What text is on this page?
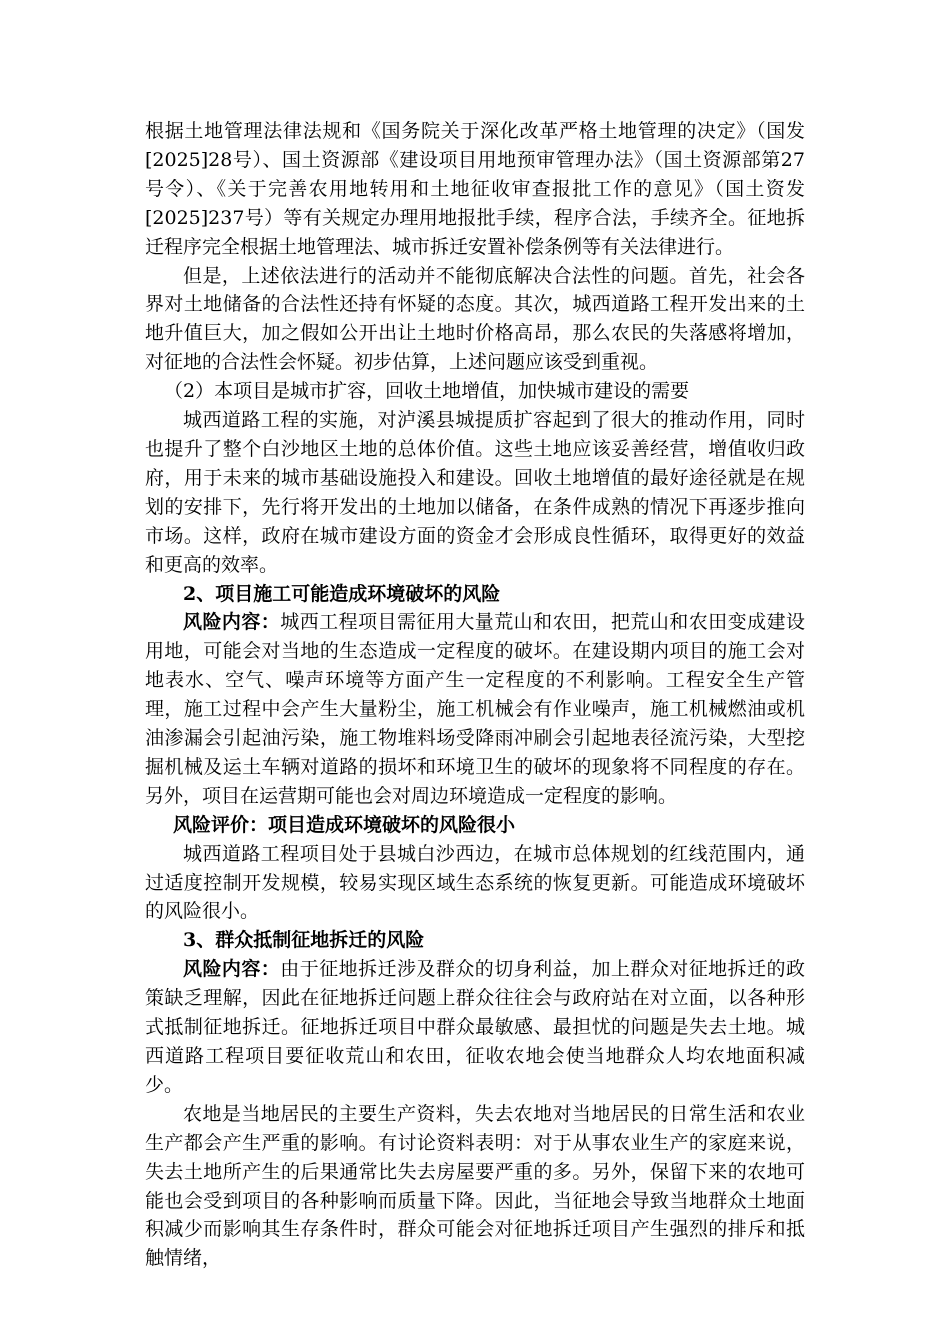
根据土地管理法律法规和《国务院关于深化改革严格土地管理的决定》（国发[2025]28号）、国土资源部《建设项目用地预审管理办法》（国土资源部第27号令）、《关于完善农用地转用和土地征收审查报批工作的意见》（国土资发[2025]237号）等有关规定办理用地报批手续，程序合法，手续齐全。征地拆迁程序完全根据土地管理法、城市拆迁安置补偿条例等有关法律进行。

但是，上述依法进行的活动并不能彻底解决合法性的问题。首先，社会各界对土地储备的合法性还持有怀疑的态度。其次，城西道路工程开发出来的土地升值巨大，加之假如公开出让土地时价格高昂，那么农民的失落感将增加，对征地的合法性会怀疑。初步估算，上述问题应该受到重视。

（2）本项目是城市扩容，回收土地增值，加快城市建设的需要

城西道路工程的实施，对泸溪县城提质扩容起到了很大的推动作用，同时也提升了整个白沙地区土地的总体价值。这些土地应该妥善经营，增值收归政府，用于未来的城市基础设施投入和建设。回收土地增值的最好途径就是在规划的安排下，先行将开发出的土地加以储备，在条件成熟的情况下再逐步推向市场。这样，政府在城市建设方面的资金才会形成良性循环，取得更好的效益和更高的效率。

2、项目施工可能造成环境破坏的风险

风险内容：城西工程项目需征用大量荒山和农田，把荒山和农田变成建设用地，可能会对当地的生态造成一定程度的破坏。在建设期内项目的施工会对地表水、空气、噪声环境等方面产生一定程度的不利影响。工程安全生产管理，施工过程中会产生大量粉尘，施工机械会有作业噪声，施工机械燃油或机油渗漏会引起油污染，施工物堆料场受降雨冲刷会引起地表径流污染，大型挖掘机械及运土车辆对道路的损坏和环境卫生的破坏的现象将不同程度的存在。另外，项目在运营期可能也会对周边环境造成一定程度的影响。

风险评价：项目造成环境破坏的风险很小

城西道路工程项目处于县城白沙西边，在城市总体规划的红线范围内，通过适度控制开发规模，较易实现区域生态系统的恢复更新。可能造成环境破坏的风险很小。

3、群众抵制征地拆迁的风险

风险内容：由于征地拆迁涉及群众的切身利益，加上群众对征地拆迁的政策缺乏理解，因此在征地拆迁问题上群众往往会与政府站在对立面，以各种形式抵制征地拆迁。征地拆迁项目中群众最敏感、最担忧的问题是失去土地。城西道路工程项目要征收荒山和农田，征收农地会使当地群众人均农地面积减少。

农地是当地居民的主要生产资料，失去农地对当地居民的日常生活和农业生产都会产生严重的影响。有讨论资料表明：对于从事农业生产的家庭来说，失去土地所产生的后果通常比失去房屋要严重的多。另外，保留下来的农地可能也会受到项目的各种影响而质量下降。因此，当征地会导致当地群众土地面积减少而影响其生存条件时，群众可能会对征地拆迁项目产生强烈的排斥和抵触情绪，
